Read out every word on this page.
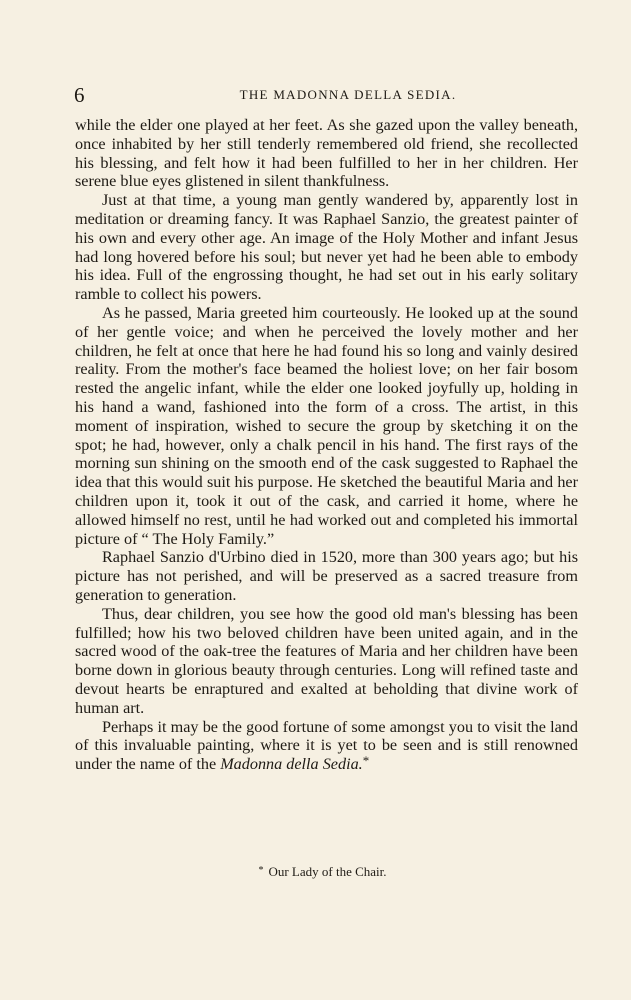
6	THE MADONNA DELLA SEDIA.

while the elder one played at her feet. As she gazed upon the valley beneath, once inhabited by her still tenderly remembered old friend, she recollected his blessing, and felt how it had been fulfilled to her in her children. Her serene blue eyes glistened in silent thankfulness.

Just at that time, a young man gently wandered by, apparently lost in meditation or dreaming fancy. It was Raphael Sanzio, the greatest painter of his own and every other age. An image of the Holy Mother and infant Jesus had long hovered before his soul; but never yet had he been able to embody his idea. Full of the engrossing thought, he had set out in his early solitary ramble to collect his powers.

As he passed, Maria greeted him courteously. He looked up at the sound of her gentle voice; and when he perceived the lovely mother and her children, he felt at once that here he had found his so long and vainly desired reality. From the mother's face beamed the holiest love; on her fair bosom rested the angelic infant, while the elder one looked joyfully up, holding in his hand a wand, fashioned into the form of a cross. The artist, in this moment of inspiration, wished to secure the group by sketching it on the spot; he had, however, only a chalk pencil in his hand. The first rays of the morning sun shining on the smooth end of the cask suggested to Raphael the idea that this would suit his purpose. He sketched the beautiful Maria and her children upon it, took it out of the cask, and carried it home, where he allowed himself no rest, until he had worked out and completed his immortal picture of “ The Holy Family.”

Raphael Sanzio d'Urbino died in 1520, more than 300 years ago; but his picture has not perished, and will be preserved as a sacred treasure from generation to generation.

Thus, dear children, you see how the good old man's blessing has been fulfilled; how his two beloved children have been united again, and in the sacred wood of the oak-tree the features of Maria and her children have been borne down in glorious beauty through centuries. Long will refined taste and devout hearts be enraptured and exalted at beholding that divine work of human art.

Perhaps it may be the good fortune of some amongst you to visit the land of this invaluable painting, where it is yet to be seen and is still renowned under the name of the Madonna della Sedia.*

* Our Lady of the Chair.
